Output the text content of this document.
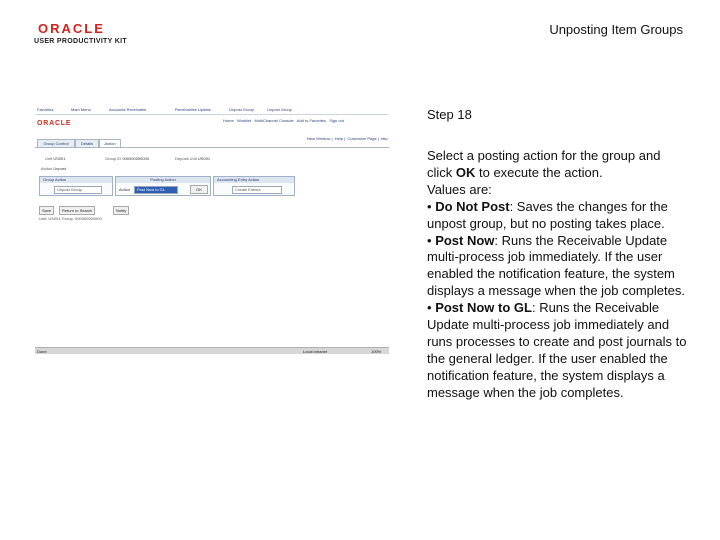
ORACLE
USER PRODUCTIVITY KIT
Unposting Item Groups
Favorites	Main Menu	Accounts Receivable	Receivables Update	Unpost Group	Unpost Group
ORACLE	Home Worklist MultiChannel Console Add to Favorites Sign out
New Window |  Help |  Customize Page |  http
Group Control	Details	Action
Unit US001	Group ID 000000000000	Deposit Unit US001
Action Unpost
Group Action
Unpost Group
Posting Action
Action	Post Now to GL	OK
Accounting Entry Action
Create Entries
Save	Return to Search	Notify
Unit: US001 Group: 000000000000
Done	Local intranet	100%
Step 18

Select a posting action for the group and click OK to execute the action.

Values are:

• Do Not Post: Saves the changes for the unpost group, but no posting takes place.

• Post Now: Runs the Receivable Update multi-process job immediately. If the user enabled the notification feature, the system displays a message when the job completes.

• Post Now to GL: Runs the Receivable Update multi-process job immediately and runs processes to create and post journals to the general ledger. If the user enabled the notification feature, the system displays a message when the job completes.
